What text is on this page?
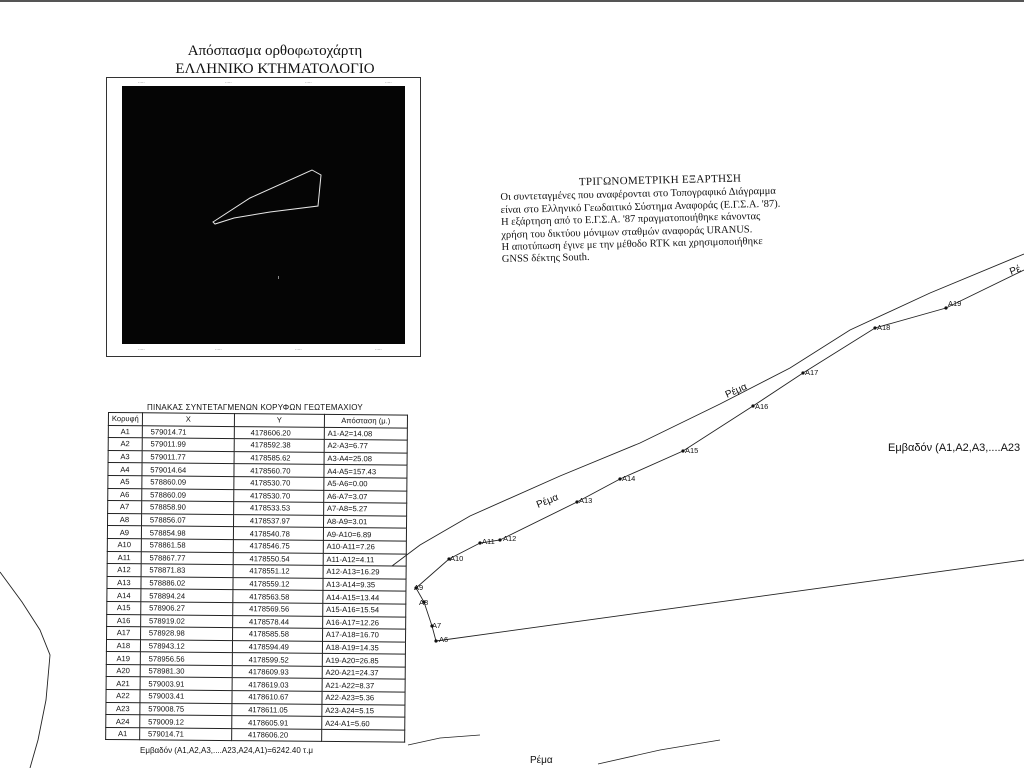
Απόσπασμα ορθοφωτοχάρτη
ΕΛΛΗΝΙΚΟ ΚΤΗΜΑΤΟΛΟΓΙΟ
·····	·····	·····	·····
·····	·····	·····	·····
ΤΡΙΓΩΝΟΜΕΤΡΙΚΗ ΕΞΑΡΤΗΣΗ
Οι συντεταγμένες που αναφέρονται στο Τοπογραφικό Διάγραμμα
είναι στο Ελληνικό Γεωδαιτικό Σύστημα Αναφοράς (Ε.Γ.Σ.Α. '87).
Η εξάρτηση από το Ε.Γ.Σ.Α. '87 πραγματοποιήθηκε κάνοντας
χρήση του δικτύου μόνιμων σταθμών αναφοράς URANUS.
Η αποτύπωση έγινε με την μέθοδο RTK και χρησιμοποιήθηκε
GNSS δέκτης South.
ΠΙΝΑΚΑΣ ΣΥΝΤΕΤΑΓΜΕΝΩΝ ΚΟΡΥΦΩΝ ΓΕΩΤΕΜΑΧΙΟΥ
Κορυφή	X	Y	Απόσταση (μ.)
A1	579014.71	4178606.20	A1-A2=14.08
A2	579011.99	4178592.38	A2-A3=6.77
A3	579011.77	4178585.62	A3-A4=25.08
A4	579014.64	4178560.70	A4-A5=157.43
A5	578860.09	4178530.70	A5-A6=0.00
A6	578860.09	4178530.70	A6-A7=3.07
A7	578858.90	4178533.53	A7-A8=5.27
A8	578856.07	4178537.97	A8-A9=3.01
A9	578854.98	4178540.78	A9-A10=6.89
A10	578861.58	4178546.75	A10-A11=7.26
A11	578867.77	4178550.54	A11-A12=4.11
A12	578871.83	4178551.12	A12-A13=16.29
A13	578886.02	4178559.12	A13-A14=9.35
A14	578894.24	4178563.58	A14-A15=13.44
A15	578906.27	4178569.56	A15-A16=15.54
A16	578919.02	4178578.44	A16-A17=12.26
A17	578928.98	4178585.58	A17-A18=16.70
A18	578943.12	4178594.49	A18-A19=14.35
A19	578956.56	4178599.52	A19-A20=26.85
A20	578981.30	4178609.93	A20-A21=24.37
A21	579003.91	4178619.03	A21-A22=8.37
A22	579003.41	4178610.67	A22-A23=5.36
A23	579008.75	4178611.05	A23-A24=5.15
A24	579009.12	4178605.91	A24-A1=5.60
A1	579014.71	4178606.20	
Εμβαδόν (Α1,Α2,Α3,....Α23,Α24,Α1)=6242.40 τ.μ
A6
A7
A8
A9
A10
A11 A12
A13
A14
A15
A16
A17
A18
A19
Ρέμα
Ρέμα
Ρέ
Ρέμα
Εμβαδόν (Α1,Α2,Α3,....Α23
